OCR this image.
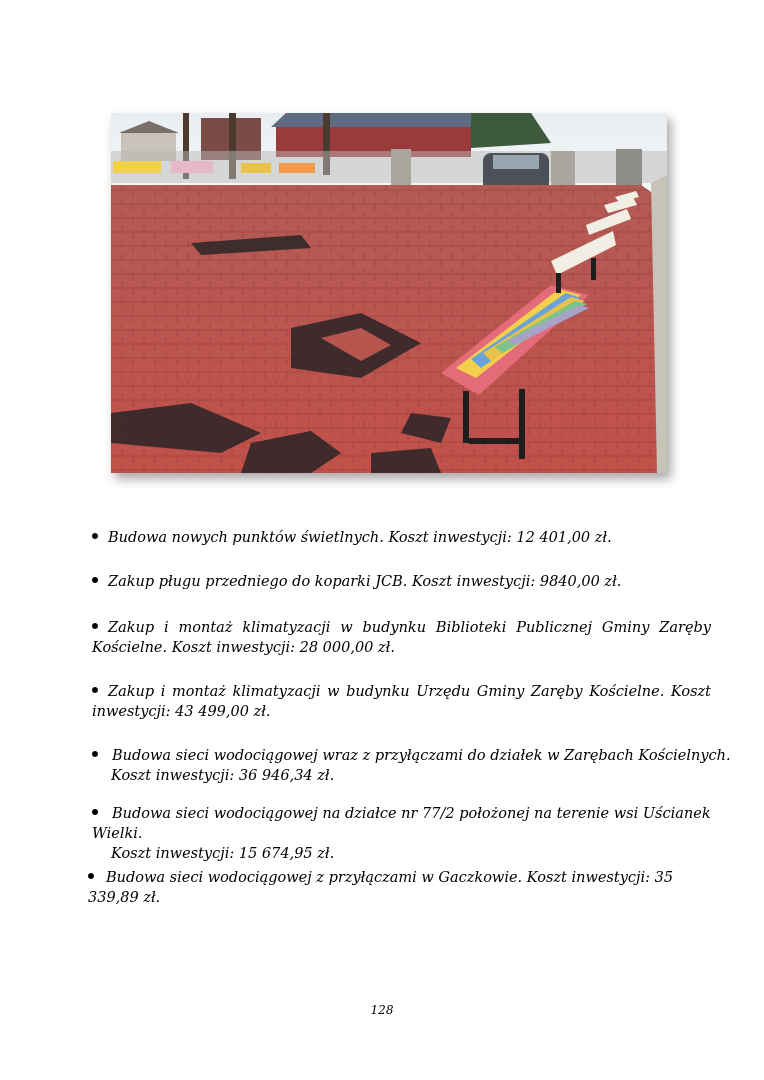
Budowa nowych punktów świetlnych. Koszt inwestycji: 12 401,00 zł.
Zakup pługu przedniego do koparki JCB. Koszt inwestycji: 9840,00 zł.
Zakup i montaż klimatyzacji w budynku Biblioteki Publicznej Gminy Zaręby Kościelne. Koszt inwestycji: 28 000,00 zł.
Zakup i montaż klimatyzacji w budynku Urzędu Gminy Zaręby Kościelne. Koszt inwestycji: 43 499,00 zł.
Budowa sieci wodociągowej wraz z przyłączami do działek w Zarębach Kościelnych.
Koszt inwestycji: 36 946,34 zł.
Budowa sieci wodociągowej na działce nr 77/2 położonej na terenie wsi Uścianek Wielki.
Koszt inwestycji: 15 674,95 zł.
Budowa sieci wodociągowej z przyłączami w Gaczkowie. Koszt inwestycji: 35 339,89 zł.
128
